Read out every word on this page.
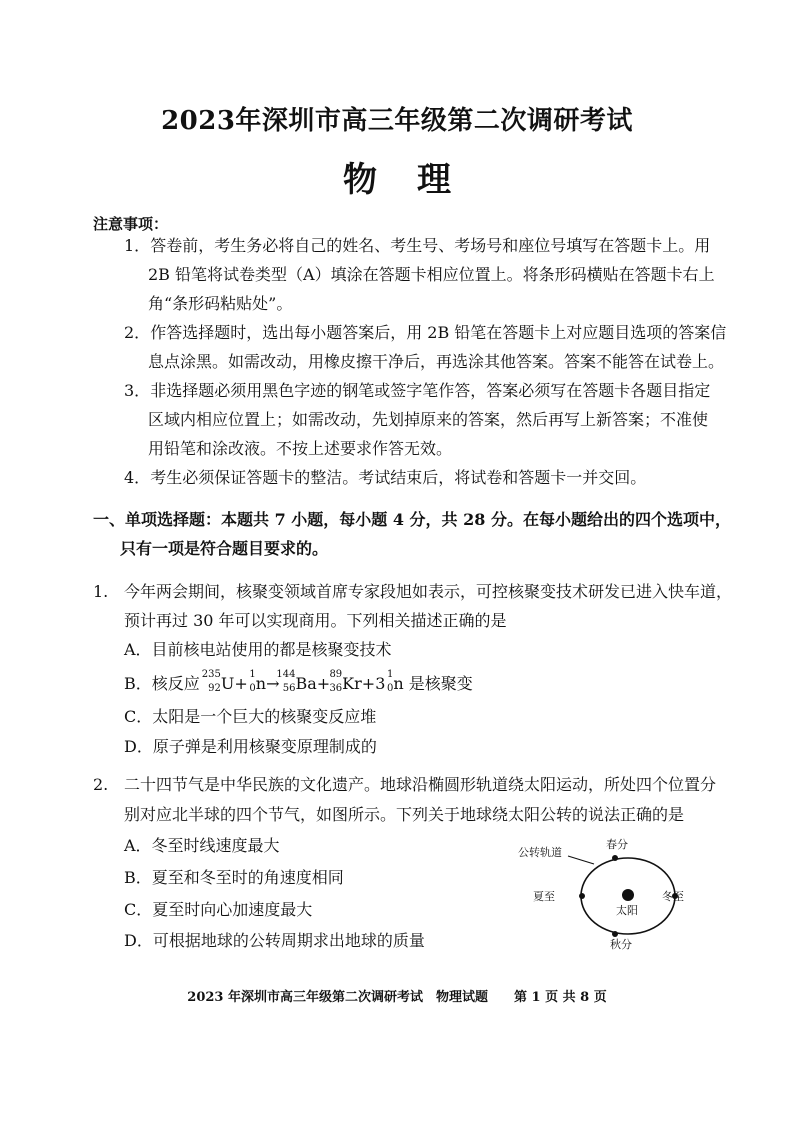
2023年深圳市高三年级第二次调研考试
物理
注意事项：
1．答卷前，考生务必将自己的姓名、考生号、考场号和座位号填写在答题卡上。用
2B 铅笔将试卷类型（A）填涂在答题卡相应位置上。将条形码横贴在答题卡右上
角“条形码粘贴处”。
2．作答选择题时，选出每小题答案后，用 2B 铅笔在答题卡上对应题目选项的答案信
息点涂黑。如需改动，用橡皮擦干净后，再选涂其他答案。答案不能答在试卷上。
3．非选择题必须用黑色字迹的钢笔或签字笔作答，答案必须写在答题卡各题目指定
区域内相应位置上；如需改动，先划掉原来的答案，然后再写上新答案；不准使
用铅笔和涂改液。不按上述要求作答无效。
4．考生必须保证答题卡的整洁。考试结束后，将试卷和答题卡一并交回。
一、单项选择题：本题共 7 小题，每小题 4 分，共 28 分。在每小题给出的四个选项中，
只有一项是符合题目要求的。
1. 今年两会期间，核聚变领域首席专家段旭如表示，可控核聚变技术研发已进入快车道，
预计再过 30 年可以实现商用。下列相关描述正确的是
A．目前核电站使用的都是核聚变技术
B．核反应
235
92 U+ 1
0 n→
144
56 Ba+ 89
36 Kr+3 1
0 n 是核聚变
C．太阳是一个巨大的核聚变反应堆
D．原子弹是利用核聚变原理制成的
2. 二十四节气是中华民族的文化遗产。地球沿椭圆形轨道绕太阳运动，所处四个位置分
别对应北半球的四个节气，如图所示。下列关于地球绕太阳公转的说法正确的是
A．冬至时线速度最大
B．夏至和冬至时的角速度相同
C．夏至时向心加速度最大
D．可根据地球的公转周期求出地球的质量
公转轨道
春分
夏至	冬至
秋分
太阳
2023 年深圳市高三年级第二次调研考试　物理试题　　第 1 页 共 8 页
